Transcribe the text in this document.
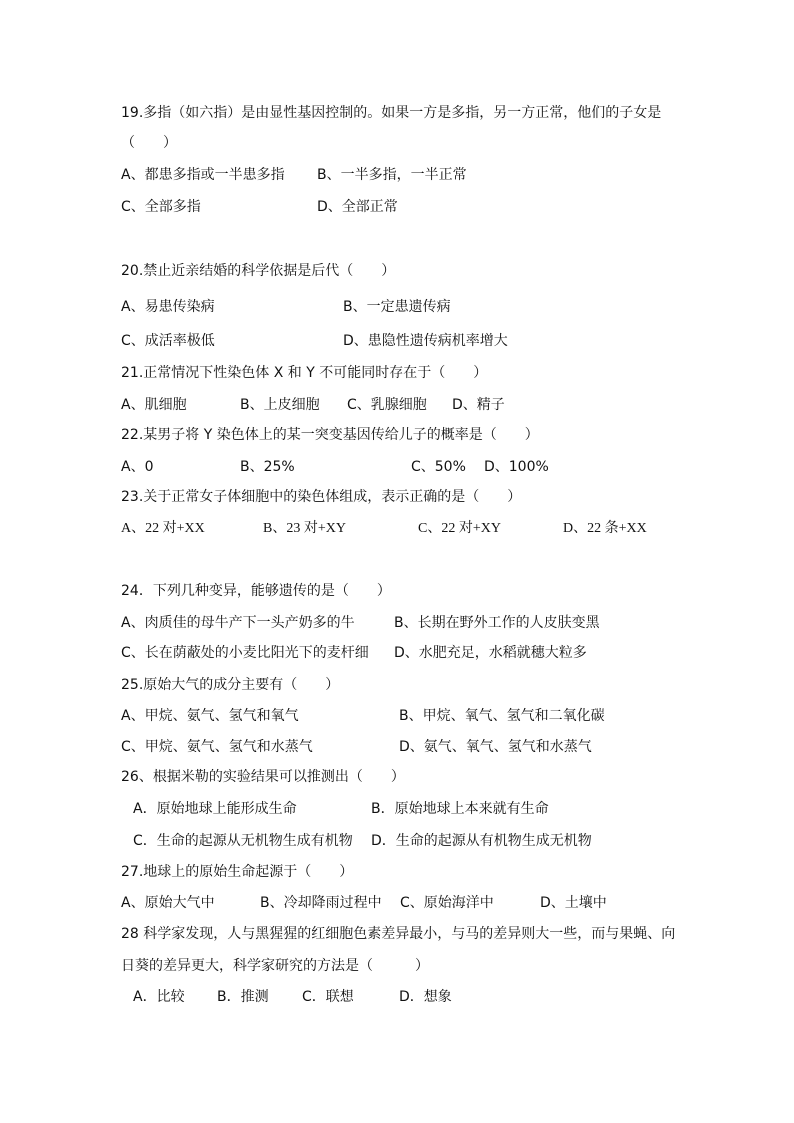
19.多指（如六指）是由显性基因控制的。如果一方是多指，另一方正常，他们的子女是
（　　）
A、都患多指或一半患多指 B、一半多指，一半正常
C、全部多指	D、全部正常
20.禁止近亲结婚的科学依据是后代（　　）
A、易患传染病	B、一定患遗传病
C、成活率极低	D、患隐性遗传病机率增大
21.正常情况下性染色体 X 和 Y 不可能同时存在于（　　）
A、肌细胞	B、上皮细胞 C、乳腺细胞 D、精子
22.某男子将 Y 染色体上的某一突变基因传给儿子的概率是（　　）
A、0	B、25%	C、50% D、100%
23.关于正常女子体细胞中的染色体组成，表示正确的是（　　）
A、22 对+XX	B、23 对+XY	C、22 对+XY	D、22 条+XX
24．下列几种变异，能够遗传的是（　　）
A、肉质佳的母牛产下一头产奶多的牛	B、长期在野外工作的人皮肤变黑
C、长在荫蔽处的小麦比阳光下的麦杆细 D、水肥充足，水稻就穗大粒多
25.原始大气的成分主要有（　　）
A、甲烷、氨气、氢气和氧气	B、甲烷、氧气、氢气和二氧化碳
C、甲烷、氨气、氢气和水蒸气	D、氨气、氧气、氢气和水蒸气
26、根据米勒的实验结果可以推测出（　　）
A．原始地球上能形成生命	B．原始地球上本来就有生命
C．生命的起源从无机物生成有机物 D．生命的起源从有机物生成无机物
27.地球上的原始生命起源于（　　）
A、原始大气中	B、冷却降雨过程中 C、原始海洋中	D、土壤中
28 科学家发现，人与黑猩猩的红细胞色素差异最小，与马的差异则大一些，而与果蝇、向
日葵的差异更大，科学家研究的方法是（　　　）
A．比较 B．推测 C．联想	D．想象
